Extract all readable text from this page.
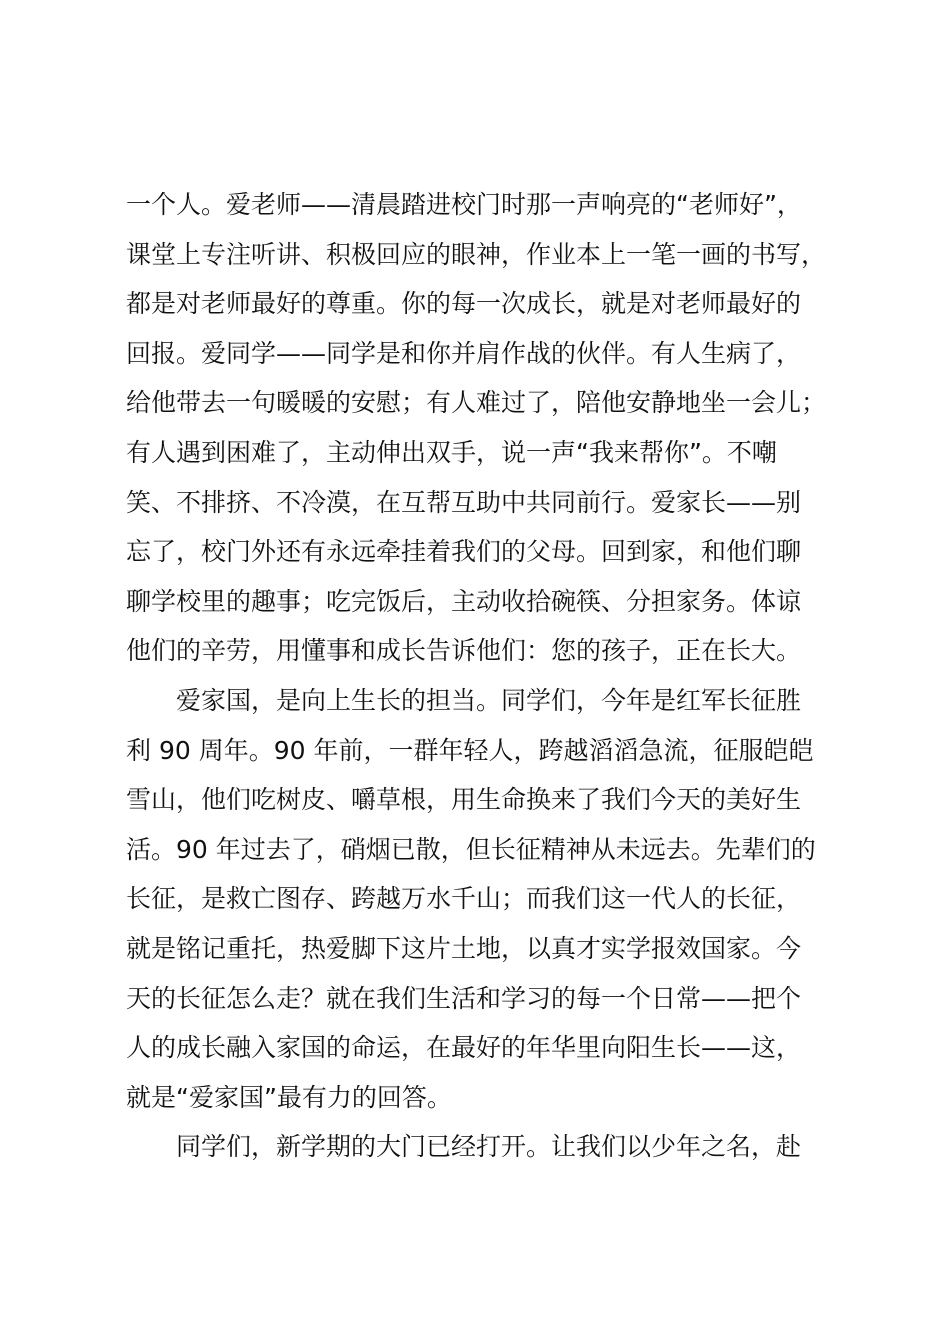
一个人。爱老师——清晨踏进校门时那一声响亮的“老师好”，
课堂上专注听讲、积极回应的眼神，作业本上一笔一画的书写，
都是对老师最好的尊重。你的每一次成长，就是对老师最好的
回报。爱同学——同学是和你并肩作战的伙伴。有人生病了，
给他带去一句暖暖的安慰；有人难过了，陪他安静地坐一会儿；
有人遇到困难了，主动伸出双手，说一声“我来帮你”。不嘲
笑、不排挤、不冷漠，在互帮互助中共同前行。爱家长——别
忘了，校门外还有永远牵挂着我们的父母。回到家，和他们聊
聊学校里的趣事；吃完饭后，主动收拾碗筷、分担家务。体谅
他们的辛劳，用懂事和成长告诉他们：您的孩子，正在长大。
爱家国，是向上生长的担当。同学们，今年是红军长征胜
利 90 周年。90 年前，一群年轻人，跨越滔滔急流，征服皑皑
雪山，他们吃树皮、嚼草根，用生命换来了我们今天的美好生
活。90 年过去了，硝烟已散，但长征精神从未远去。先辈们的
长征，是救亡图存、跨越万水千山；而我们这一代人的长征，
就是铭记重托，热爱脚下这片土地，以真才实学报效国家。今
天的长征怎么走？就在我们生活和学习的每一个日常——把个
人的成长融入家国的命运，在最好的年华里向阳生长——这，
就是“爱家国”最有力的回答。
同学们，新学期的大门已经打开。让我们以少年之名，赴
